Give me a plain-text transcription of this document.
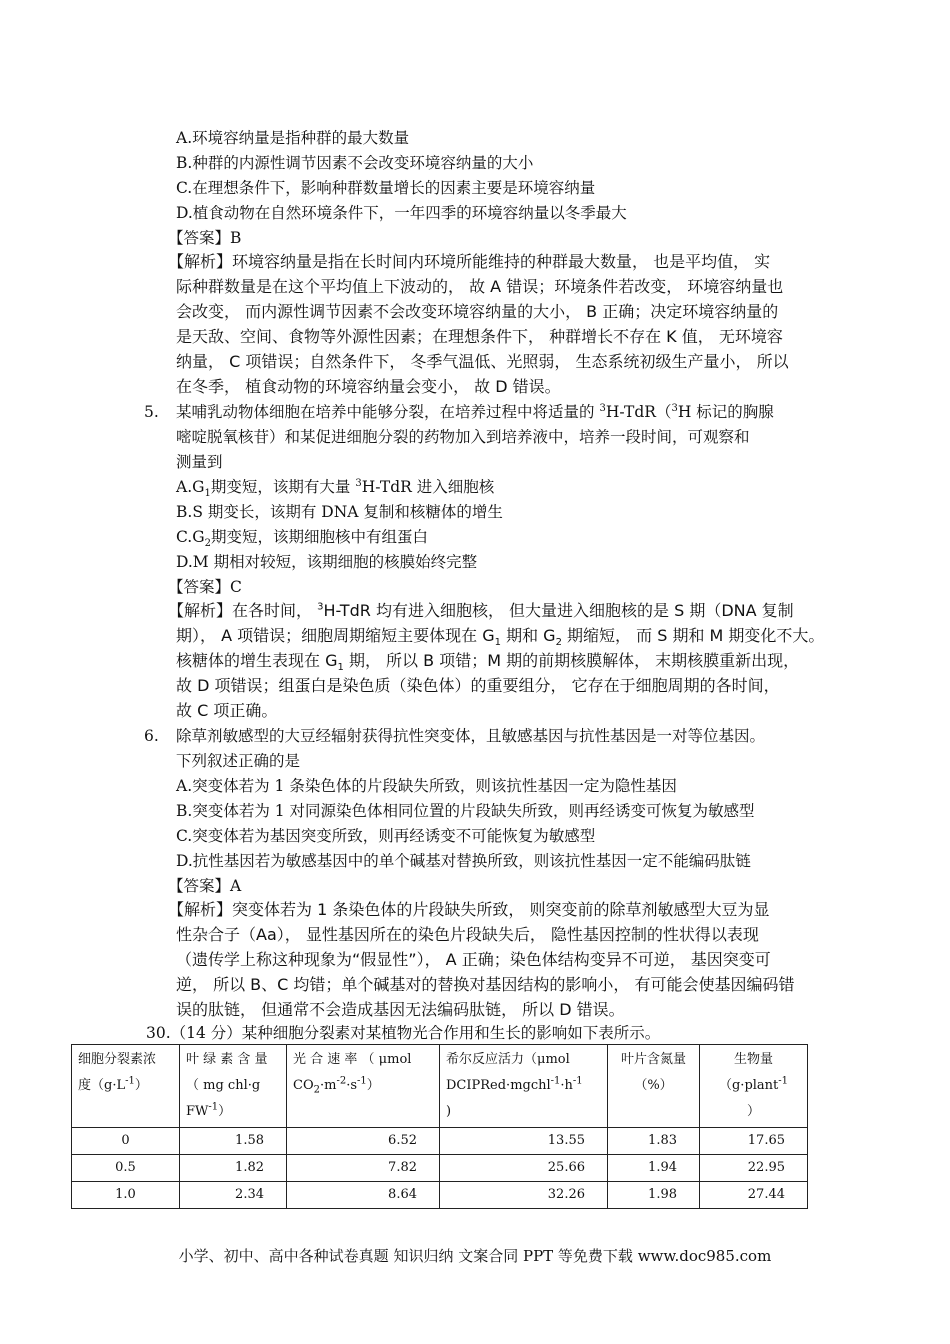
A.环境容纳量是指种群的最大数量
B.种群的内源性调节因素不会改变环境容纳量的大小
C.在理想条件下，影响种群数量增长的因素主要是环境容纳量
D.植食动物在自然环境条件下，一年四季的环境容纳量以冬季最大
【答案】B
【解析】环境容纳量是指在长时间内环境所能维持的种群最大数量， 也是平均值， 实
际种群数量是在这个平均值上下波动的， 故 A 错误；环境条件若改变， 环境容纳量也
会改变， 而内源性调节因素不会改变环境容纳量的大小， B 正确；决定环境容纳量的
是天敌、空间、食物等外源性因素；在理想条件下， 种群增长不存在 K 值， 无环境容
纳量， C 项错误；自然条件下， 冬季气温低、光照弱， 生态系统初级生产量小， 所以
在冬季， 植食动物的环境容纳量会变小， 故 D 错误。
5. 某哺乳动物体细胞在培养中能够分裂，在培养过程中将适量的 $^3$H-TdR（$^3$H 标记的胸腺
嘧啶脱氧核苷）和某促进细胞分裂的药物加入到培养液中，培养一段时间，可观察和
测量到
$A.G_1$期变短，该期有大量 $^3$H-TdR 进入细胞核
B.S 期变长，该期有 DNA 复制和核糖体的增生
$C.G_2$期变短，该期细胞核中有组蛋白
D.M 期相对较短，该期细胞的核膜始终完整
【答案】C
【解析】在各时间， $^3$H-TdR 均有进入细胞核， 但大量进入细胞核的是 S 期（DNA 复制
期）， A 项错误；细胞周期缩短主要体现在 $G_1$ 期和 $G_2$ 期缩短， 而 S 期和 M 期变化不大。
核糖体的增生表现在 $G_1$ 期， 所以 B 项错；M 期的前期核膜解体， 末期核膜重新出现，
故 D 项错误；组蛋白是染色质（染色体）的重要组分， 它存在于细胞周期的各时间，
故 C 项正确。
6. 除草剂敏感型的大豆经辐射获得抗性突变体，且敏感基因与抗性基因是一对等位基因。
下列叙述正确的是
A.突变体若为 1 条染色体的片段缺失所致，则该抗性基因一定为隐性基因
B.突变体若为 1 对同源染色体相同位置的片段缺失所致，则再经诱变可恢复为敏感型
C.突变体若为基因突变所致，则再经诱变不可能恢复为敏感型
D.抗性基因若为敏感基因中的单个碱基对替换所致，则该抗性基因一定不能编码肽链
【答案】A
【解析】突变体若为 1 条染色体的片段缺失所致， 则突变前的除草剂敏感型大豆为显
性杂合子（Aa）， 显性基因所在的染色片段缺失后， 隐性基因控制的性状得以表现
（遗传学上称这种现象为“假显性”）， A 正确；染色体结构变异不可逆， 基因突变可
逆， 所以 B、C 均错；单个碱基对的替换对基因结构的影响小， 有可能会使基因编码错
误的肽链， 但通常不会造成基因无法编码肽链， 所以 D 错误。
30.（14 分）某种细胞分裂素对某植物光合作用和生长的影响如下表所示。
细胞分裂素浓
度$(g\cdot L^{-1})$	叶 绿 素 含 量
（ mg chl·g
$FW^{-1}$）	光 合 速 率 （ μmol
$CO_2\cdot m^{-2}\cdot s^{-1}$）	希尔反应活力（μmol
$DCIPRed\cdot mgchl^{-1}\cdot h^{-1}$
)	叶片含氮量
（%）	生物量
（g·plant$^{-1}$
）
0	1.58	6.52	13.55	1.83	17.65
0.5	1.82	7.82	25.66	1.94	22.95
1.0	2.34	8.64	32.26	1.98	27.44
小学、初中、高中各种试卷真题 知识归纳 文案合同 PPT 等免费下载 www.doc985.com
